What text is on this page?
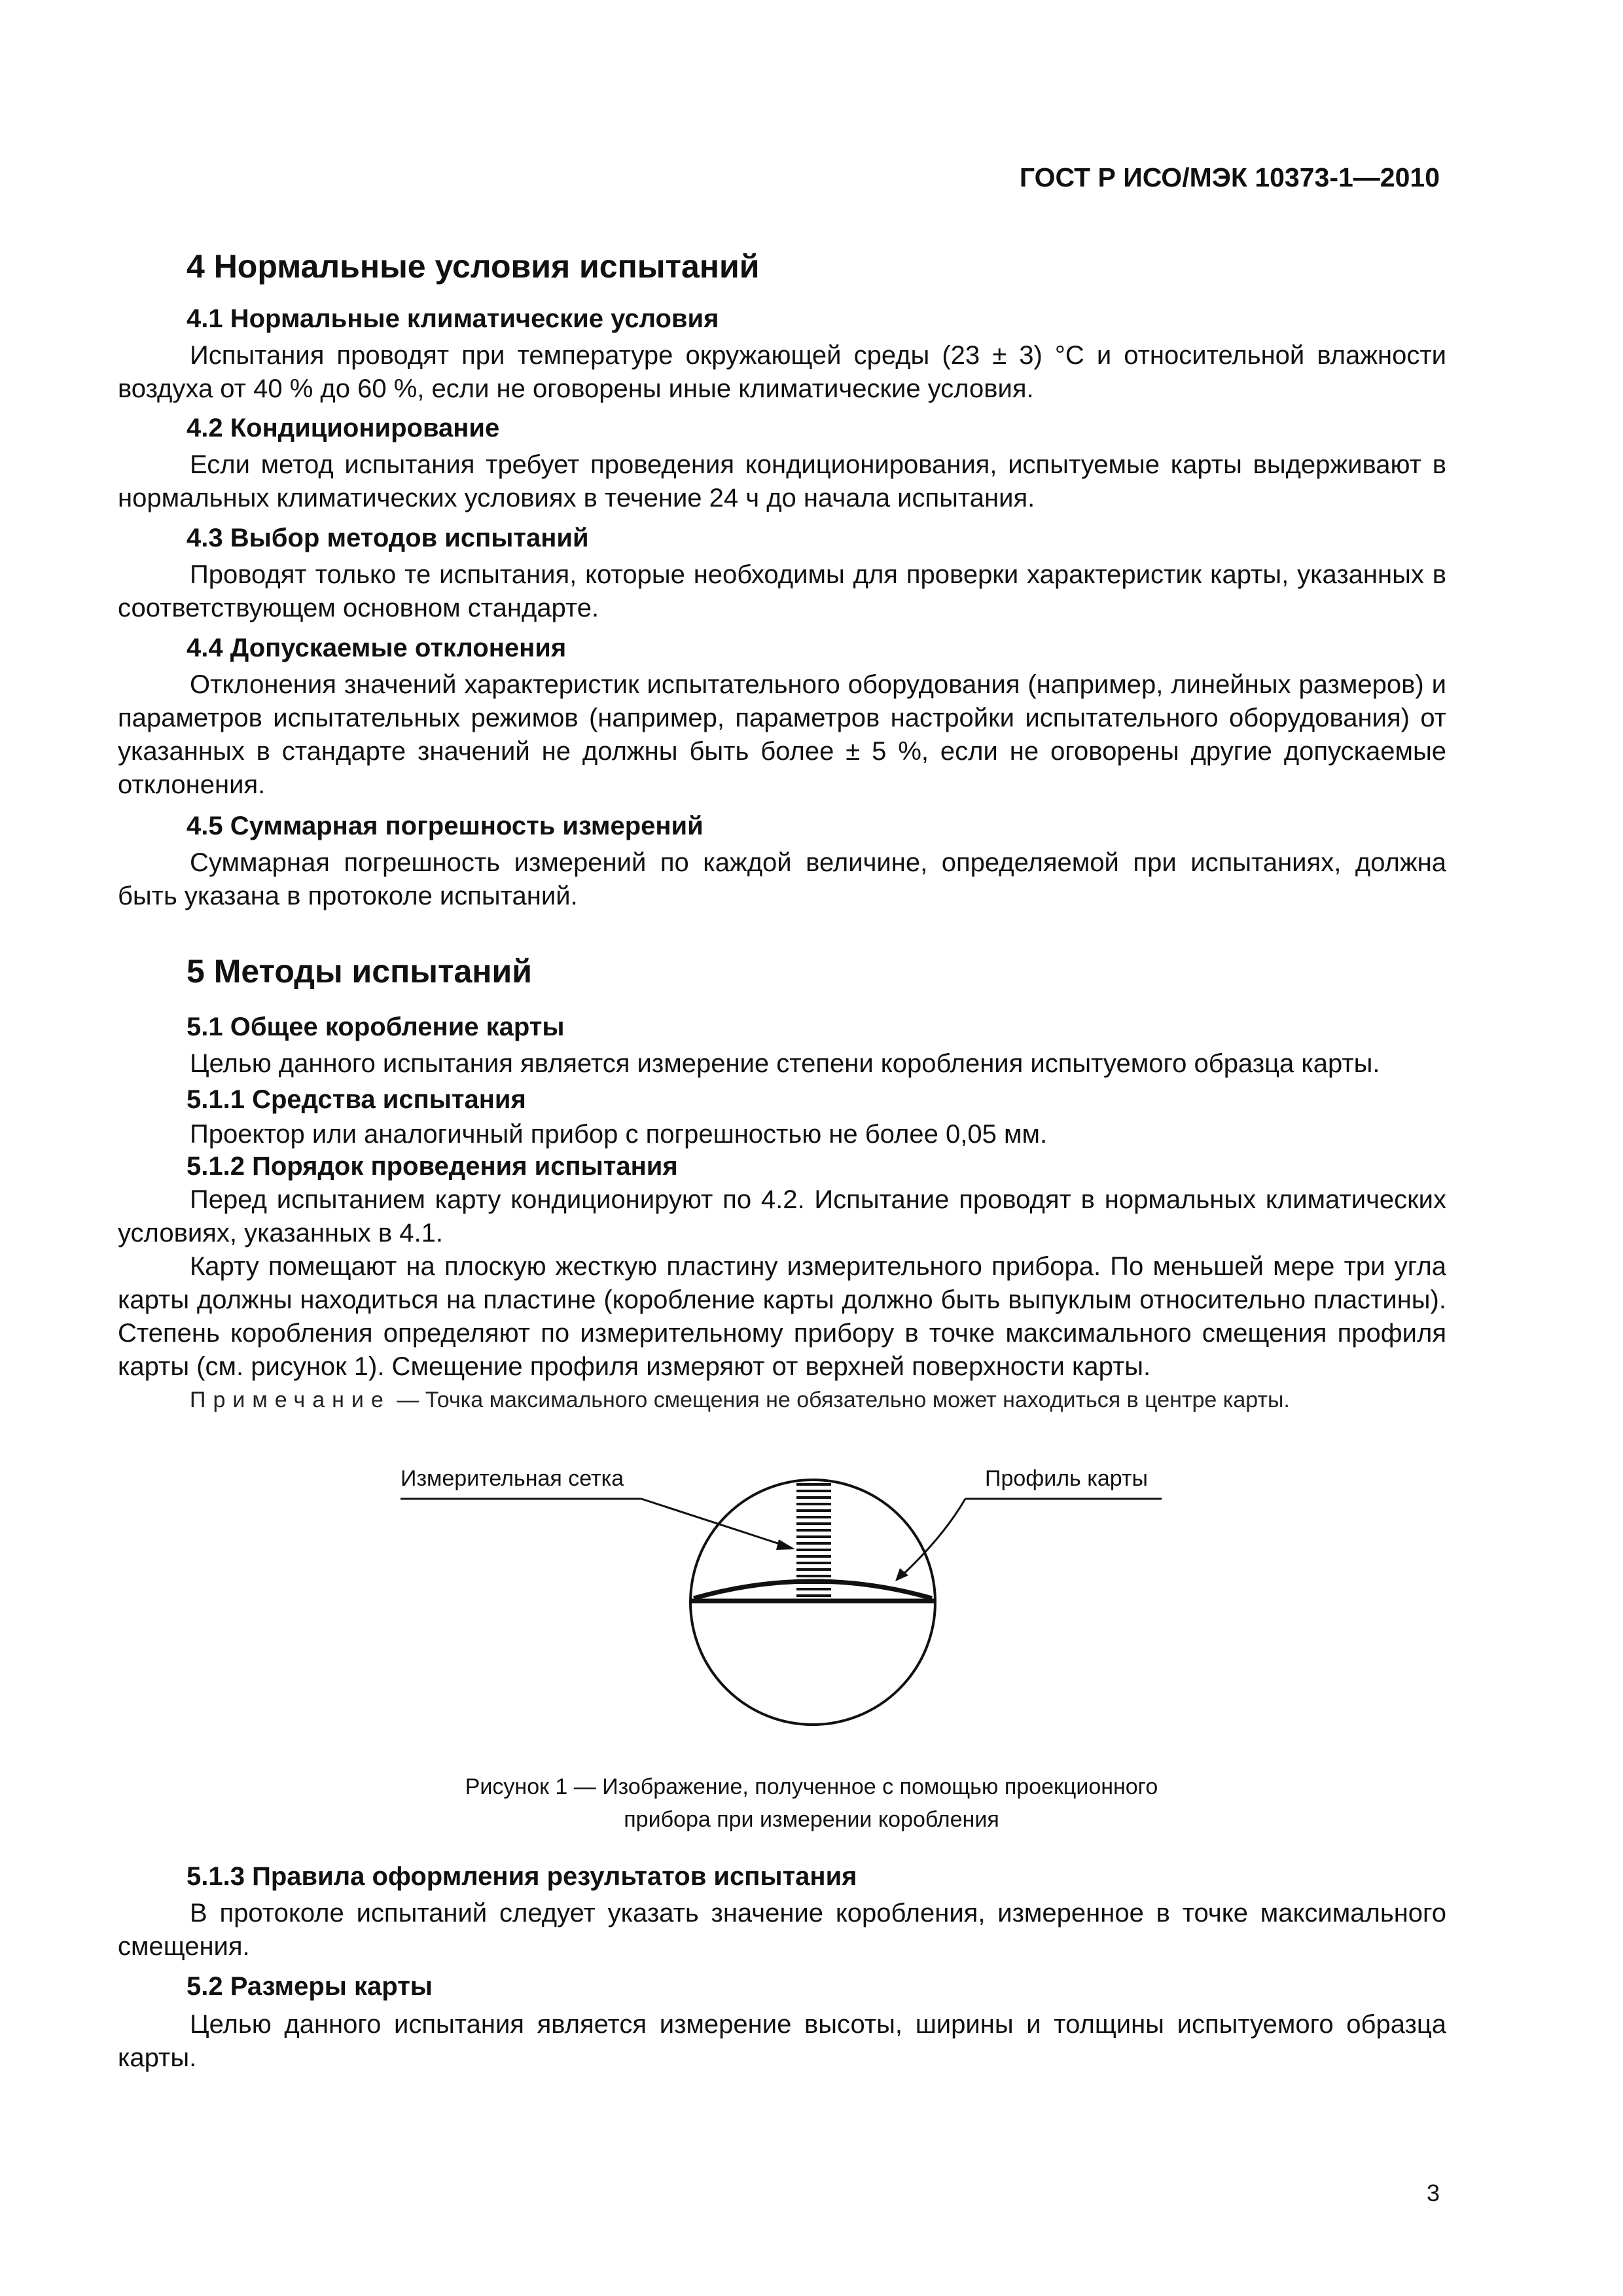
ГОСТ Р ИСО/МЭК 10373-1—2010
4 Нормальные условия испытаний
4.1 Нормальные климатические условия

Испытания проводят при температуре окружающей среды (23 ± 3) °С и относительной влажности воздуха от 40 % до 60 %, если не оговорены иные климатические условия.

4.2 Кондиционирование

Если метод испытания требует проведения кондиционирования, испытуемые карты выдерживают в нормальных климатических условиях в течение 24 ч до начала испытания.

4.3 Выбор методов испытаний

Проводят только те испытания, которые необходимы для проверки характеристик карты, указанных в соответствующем основном стандарте.

4.4 Допускаемые отклонения

Отклонения значений характеристик испытательного оборудования (например, линейных размеров) и параметров испытательных режимов (например, параметров настройки испытательного оборудования) от указанных в стандарте значений не должны быть более ± 5 %, если не оговорены другие допускаемые отклонения.

4.5 Суммарная погрешность измерений

Суммарная погрешность измерений по каждой величине, определяемой при испытаниях, должна быть указана в протоколе испытаний.

5 Методы испытаний
5.1 Общее коробление карты

Целью данного испытания является измерение степени коробления испытуемого образца карты.

5.1.1 Средства испытания

Проектор или аналогичный прибор с погрешностью не более 0,05 мм.

5.1.2 Порядок проведения испытания

Перед испытанием карту кондиционируют по 4.2. Испытание проводят в нормальных климатических условиях, указанных в 4.1.

Карту помещают на плоскую жесткую пластину измерительного прибора. По меньшей мере три угла карты должны находиться на пластине (коробление карты должно быть выпуклым относительно пластины). Степень коробления определяют по измерительному прибору в точке максимального смещения профиля карты (см. рисунок 1). Смещение профиля измеряют от верхней поверхности карты.

Примечание — Точка максимального смещения не обязательно может находиться в центре карты.
Измерительная сетка	Профиль карты
Рисунок 1 — Изображение, полученное с помощью проекционного
прибора при измерении коробления
5.1.3 Правила оформления результатов испытания

В протоколе испытаний следует указать значение коробления, измеренное в точке максимального смещения.

5.2 Размеры карты

Целью данного испытания является измерение высоты, ширины и толщины испытуемого образца карты.

3
